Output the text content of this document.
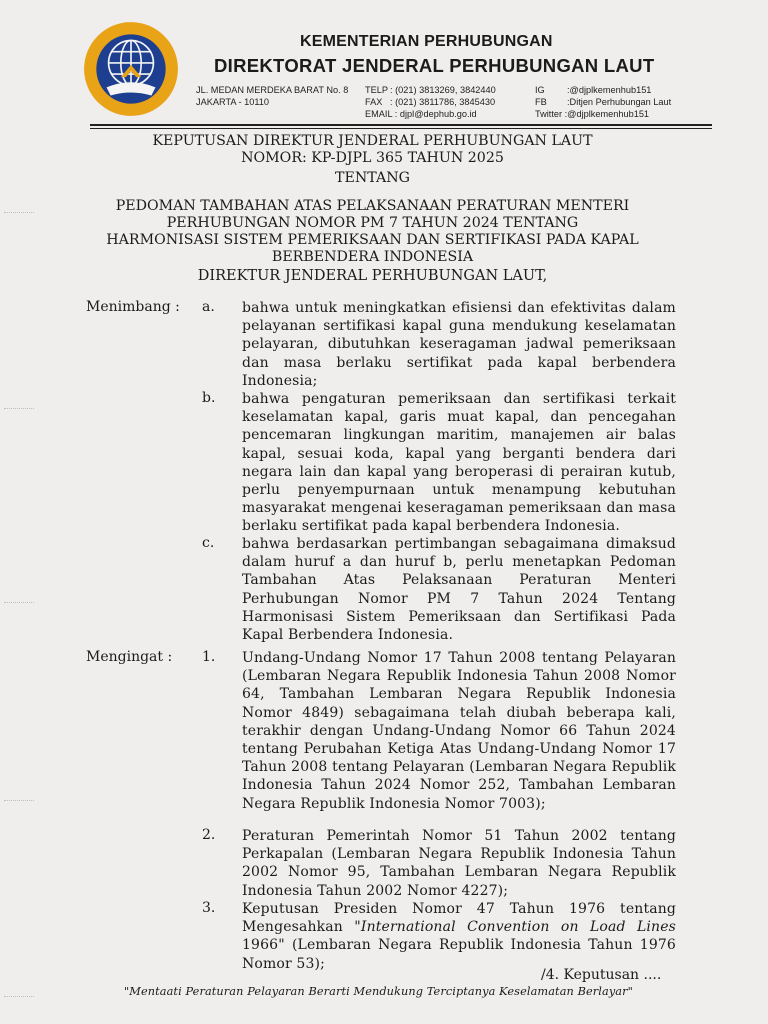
KEMENTERIAN PERHUBUNGAN
DIREKTORAT JENDERAL PERHUBUNGAN LAUT
JL. MEDAN MERDEKA BARAT No. 8
JAKARTA - 10110
TELP
FAX
: (021) 3813269, 3842440
: (021) 3811786, 3845430
EMAIL : djpl@dephub.go.id
IG
FB
:@djplkemenhub151
:Ditjen Perhubungan Laut
Twitter :@djplkemenhub151
KEPUTUSAN DIREKTUR JENDERAL PERHUBUNGAN LAUT
NOMOR: KP-DJPL 365 TAHUN 2025
TENTANG
PEDOMAN TAMBAHAN ATAS PELAKSANAAN PERATURAN MENTERI
PERHUBUNGAN NOMOR PM 7 TAHUN 2024 TENTANG
HARMONISASI SISTEM PEMERIKSAAN DAN SERTIFIKASI PADA KAPAL
BERBENDERA INDONESIA
DIREKTUR JENDERAL PERHUBUNGAN LAUT,
Menimbang : a. bahwa untuk meningkatkan efisiensi dan efektivitas dalam pelayanan sertifikasi kapal guna mendukung keselamatan pelayaran, dibutuhkan keseragaman jadwal pemeriksaan dan masa berlaku sertifikat pada kapal berbendera Indonesia;
b. bahwa pengaturan pemeriksaan dan sertifikasi terkait keselamatan kapal, garis muat kapal, dan pencegahan pencemaran lingkungan maritim, manajemen air balas kapal, sesuai koda, kapal yang berganti bendera dari negara lain dan kapal yang beroperasi di perairan kutub, perlu penyempurnaan untuk menampung kebutuhan masyarakat mengenai keseragaman pemeriksaan dan masa berlaku sertifikat pada kapal berbendera Indonesia.
c. bahwa berdasarkan pertimbangan sebagaimana dimaksud dalam huruf a dan huruf b, perlu menetapkan Pedoman Tambahan Atas Pelaksanaan Peraturan Menteri Perhubungan Nomor PM 7 Tahun 2024 Tentang Harmonisasi Sistem Pemeriksaan dan Sertifikasi Pada Kapal Berbendera Indonesia.
Mengingat : 1. Undang-Undang Nomor 17 Tahun 2008 tentang Pelayaran (Lembaran Negara Republik Indonesia Tahun 2008 Nomor 64, Tambahan Lembaran Negara Republik Indonesia Nomor 4849) sebagaimana telah diubah beberapa kali, terakhir dengan Undang-Undang Nomor 66 Tahun 2024 tentang Perubahan Ketiga Atas Undang-Undang Nomor 17 Tahun 2008 tentang Pelayaran (Lembaran Negara Republik Indonesia Tahun 2024 Nomor 252, Tambahan Lembaran Negara Republik Indonesia Nomor 7003);
2. Peraturan Pemerintah Nomor 51 Tahun 2002 tentang Perkapalan (Lembaran Negara Republik Indonesia Tahun 2002 Nomor 95, Tambahan Lembaran Negara Republik Indonesia Tahun 2002 Nomor 4227);
3. Keputusan Presiden Nomor 47 Tahun 1976 tentang Mengesahkan "International Convention on Load Lines 1966" (Lembaran Negara Republik Indonesia Tahun 1976 Nomor 53);
/4. Keputusan ....
"Mentaati Peraturan Pelayaran Berarti Mendukung Terciptanya Keselamatan Berlayar"
